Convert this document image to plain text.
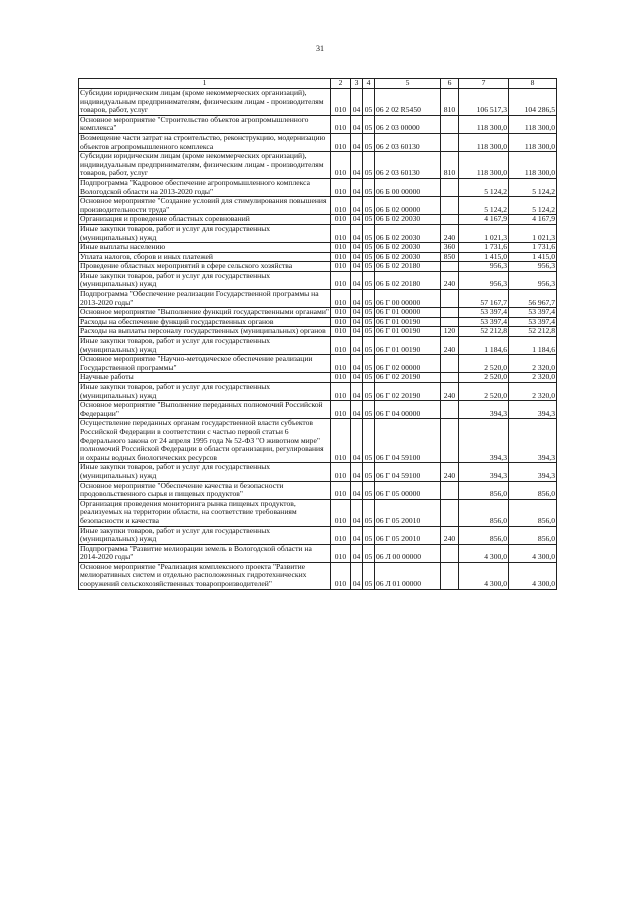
31
1	2	3	4	5	6	7	8
Субсидии юридическим лицам (кроме некоммерческих организаций), индивидуальным предпринимателям, физическим лицам - производителям товаров, работ, услуг	010	04	05	06 2 02 R5450	810	106 517,3	104 286,5
Основное мероприятие "Строительство объектов агропромышленного комплекса"	010	04	05	06 2 03 00000		118 300,0	118 300,0
Возмещение части затрат на строительство, реконструкцию, модернизацию объектов агропромышленного комплекса	010	04	05	06 2 03 60130		118 300,0	118 300,0
Субсидии юридическим лицам (кроме некоммерческих организаций), индивидуальным предпринимателям, физическим лицам - производителям товаров, работ, услуг	010	04	05	06 2 03 60130	810	118 300,0	118 300,0
Подпрограмма "Кадровое обеспечение агропромышленного комплекса Вологодской области на 2013-2020 годы"	010	04	05	06 Б 00 00000		5 124,2	5 124,2
Основное мероприятие "Создание условий для стимулирования повышения производительности труда"	010	04	05	06 Б 02 00000		5 124,2	5 124,2
Организация и проведение областных соревнований	010	04	05	06 Б 02 20030		4 167,9	4 167,9
Иные закупки товаров, работ и услуг для государственных (муниципальных) нужд	010	04	05	06 Б 02 20030	240	1 021,3	1 021,3
Иные выплаты населению	010	04	05	06 Б 02 20030	360	1 731,6	1 731,6
Уплата налогов, сборов и иных платежей	010	04	05	06 Б 02 20030	850	1 415,0	1 415,0
Проведение областных мероприятий в сфере сельского хозяйства	010	04	05	06 Б 02 20180		956,3	956,3
Иные закупки товаров, работ и услуг для государственных (муниципальных) нужд	010	04	05	06 Б 02 20180	240	956,3	956,3
Подпрограмма "Обеспечение реализации Государственной программы на 2013-2020 годы"	010	04	05	06 Г 00 00000		57 167,7	56 967,7
Основное мероприятие "Выполнение функций государственными органами"	010	04	05	06 Г 01 00000		53 397,4	53 397,4
Расходы на обеспечение функций государственных органов	010	04	05	06 Г 01 00190		53 397,4	53 397,4
Расходы на выплаты персоналу государственных (муниципальных) органов	010	04	05	06 Г 01 00190	120	52 212,8	52 212,8
Иные закупки товаров, работ и услуг для государственных (муниципальных) нужд	010	04	05	06 Г 01 00190	240	1 184,6	1 184,6
Основное мероприятие "Научно-методическое обеспечение реализации Государственной программы"	010	04	05	06 Г 02 00000		2 520,0	2 320,0
Научные работы	010	04	05	06 Г 02 20190		2 520,0	2 320,0
Иные закупки товаров, работ и услуг для государственных (муниципальных) нужд	010	04	05	06 Г 02 20190	240	2 520,0	2 320,0
Основное мероприятие "Выполнение переданных полномочий Российской Федерации"	010	04	05	06 Г 04 00000		394,3	394,3
Осуществление переданных органам государственной власти субъектов Российской Федерации в соответствии с частью первой статьи 6 Федерального закона от 24 апреля 1995 года № 52-ФЗ "О животном мире" полномочий Российской Федерации в области организации, регулирования и охраны водных биологических ресурсов	010	04	05	06 Г 04 59100		394,3	394,3
Иные закупки товаров, работ и услуг для государственных (муниципальных) нужд	010	04	05	06 Г 04 59100	240	394,3	394,3
Основное мероприятие "Обеспечение качества и безопасности продовольственного сырья и пищевых продуктов"	010	04	05	06 Г 05 00000		856,0	856,0
Организация проведения мониторинга рынка пищевых продуктов, реализуемых на территории области, на соответствие требованиям безопасности и качества	010	04	05	06 Г 05 20010		856,0	856,0
Иные закупки товаров, работ и услуг для государственных (муниципальных) нужд	010	04	05	06 Г 05 20010	240	856,0	856,0
Подпрограмма "Развитие мелиорации земель в Вологодской области на 2014-2020 годы"	010	04	05	06 Л 00 00000		4 300,0	4 300,0
Основное мероприятие "Реализация комплексного проекта "Развитие мелиоративных систем и отдельно расположенных гидротехнических сооружений сельскохозяйственных товаропроизводителей"	010	04	05	06 Л 01 00000		4 300,0	4 300,0
